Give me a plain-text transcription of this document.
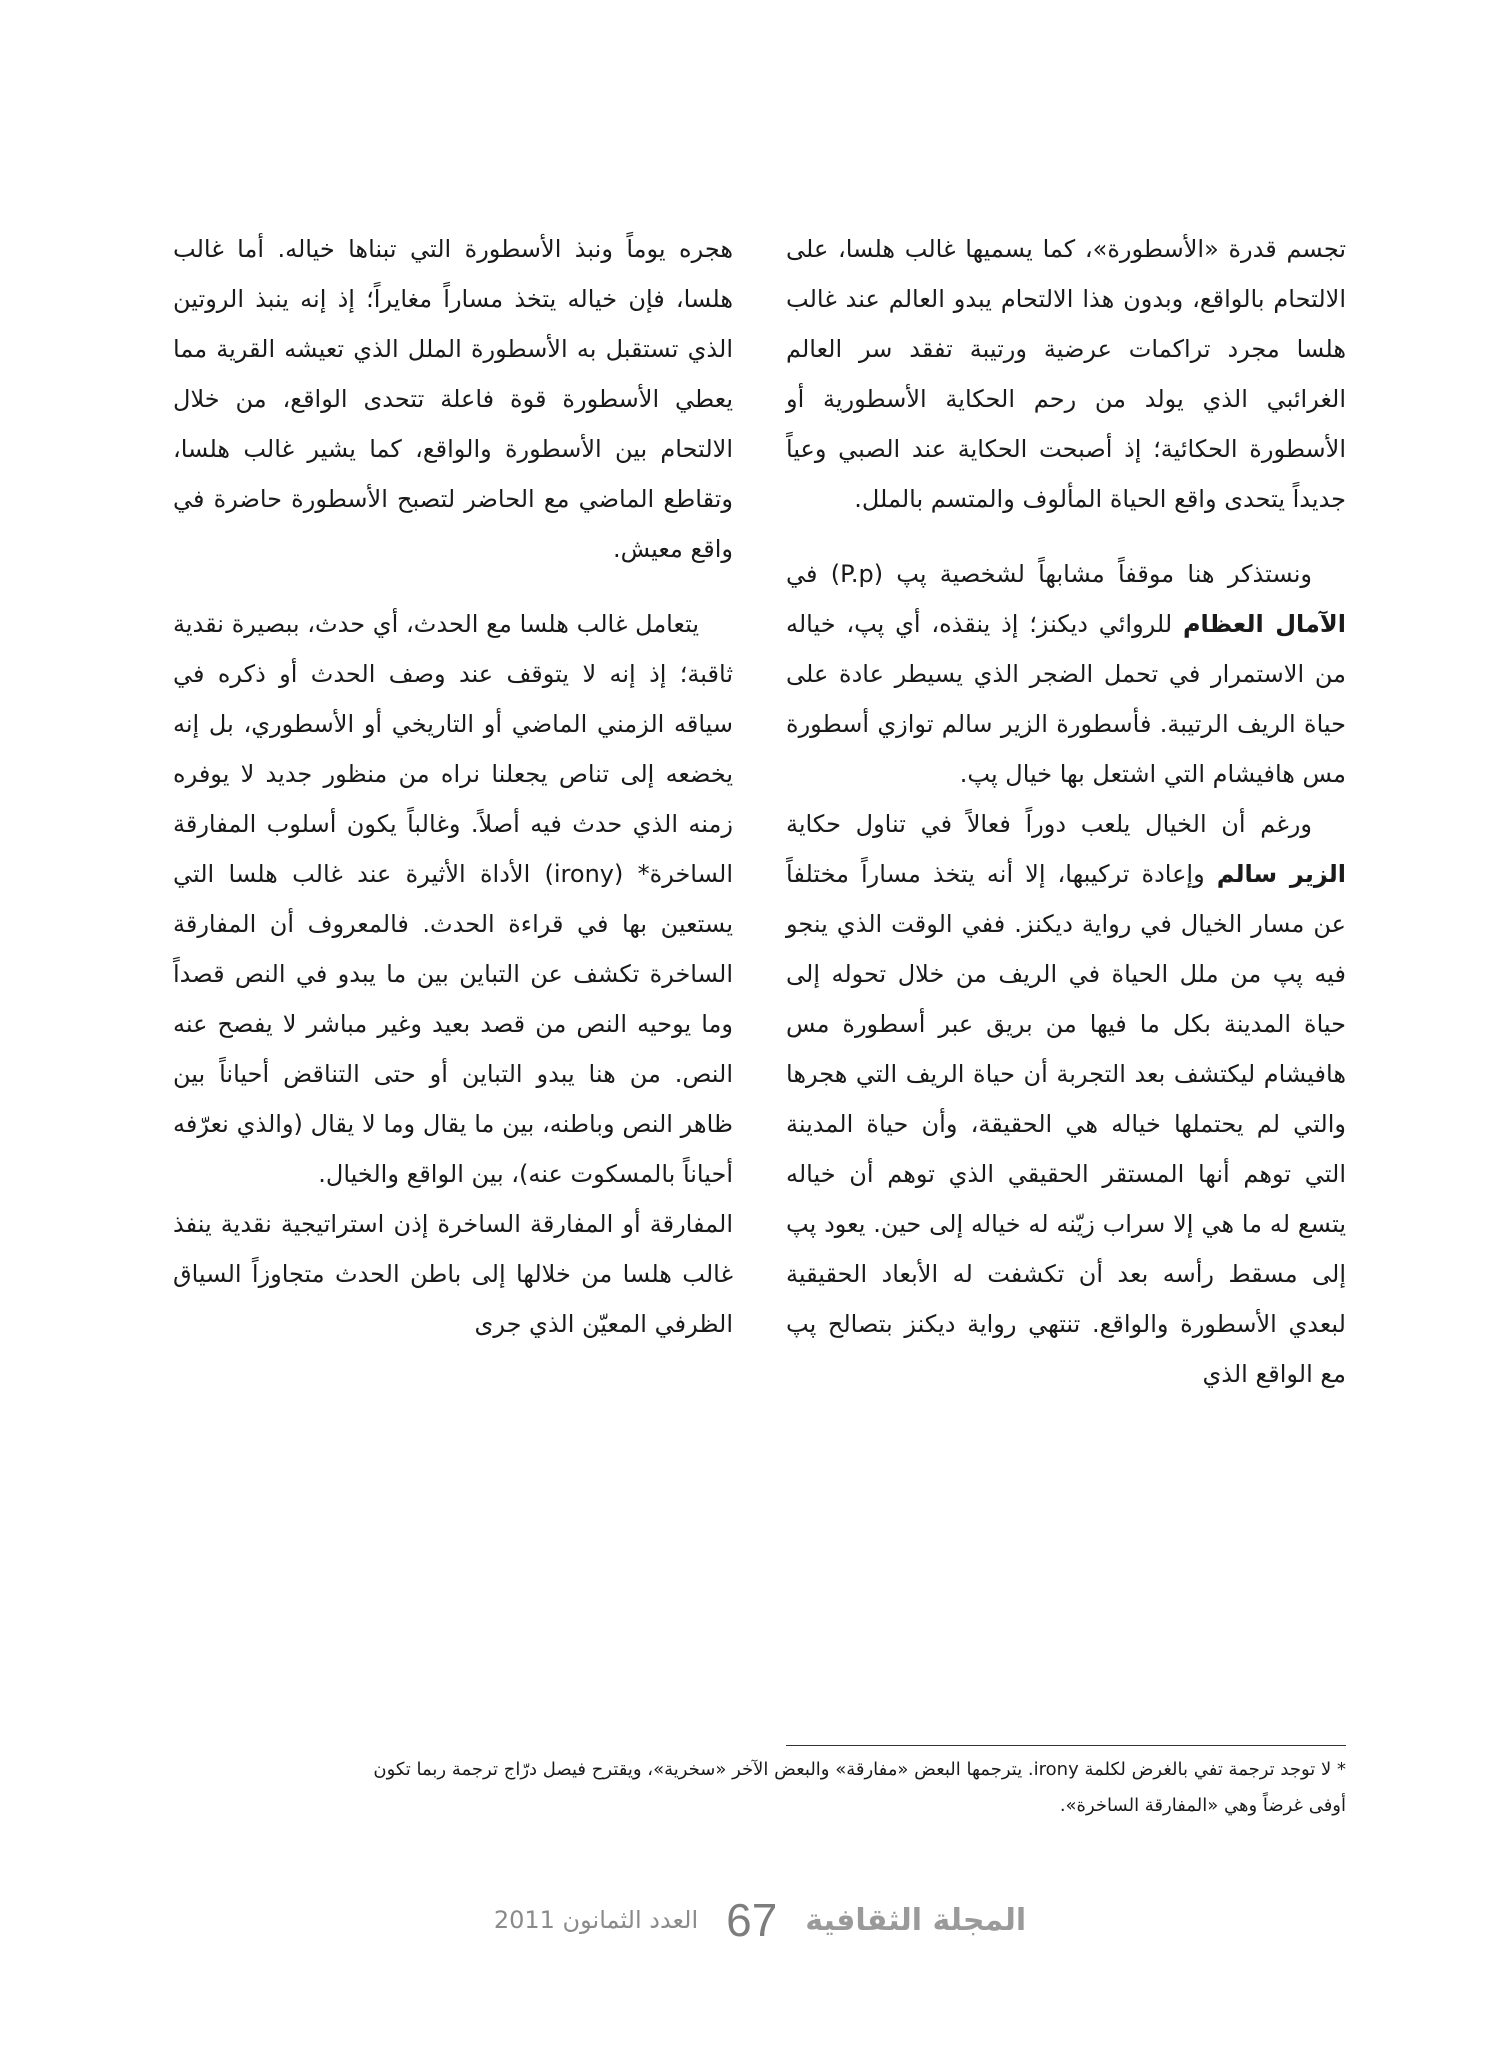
تجسم قدرة «الأسطورة»، كما يسميها غالب هلسا، على الالتحام بالواقع، وبدون هذا الالتحام يبدو العالم عند غالب هلسا مجرد تراكمات عرضية ورتيبة تفقد سر العالم الغرائبي الذي يولد من رحم الحكاية الأسطورية أو الأسطورة الحكائية؛ إذ أصبحت الحكاية عند الصبي وعياً جديداً يتحدى واقع الحياة المألوف والمتسم بالملل.

ونستذكر هنا موقفاً مشابهاً لشخصية پپ (P.p) في الآمال العظام للروائي ديكنز؛ إذ ينقذه، أي پپ، خياله من الاستمرار في تحمل الضجر الذي يسيطر عادة على حياة الريف الرتيبة. فأسطورة الزير سالم توازي أسطورة مس هافيشام التي اشتعل بها خيال پپ.

ورغم أن الخيال يلعب دوراً فعالاً في تناول حكاية الزير سالم وإعادة تركيبها، إلا أنه يتخذ مساراً مختلفاً عن مسار الخيال في رواية ديكنز. ففي الوقت الذي ينجو فيه پپ من ملل الحياة في الريف من خلال تحوله إلى حياة المدينة بكل ما فيها من بريق عبر أسطورة مس هافيشام ليكتشف بعد التجربة أن حياة الريف التي هجرها والتي لم يحتملها خياله هي الحقيقة، وأن حياة المدينة التي توهم أنها المستقر الحقيقي الذي توهم أن خياله يتسع له ما هي إلا سراب زيّنه له خياله إلى حين. يعود پپ إلى مسقط رأسه بعد أن تكشفت له الأبعاد الحقيقية لبعدي الأسطورة والواقع. تنتهي رواية ديكنز بتصالح پپ مع الواقع الذي

هجره يوماً ونبذ الأسطورة التي تبناها خياله. أما غالب هلسا، فإن خياله يتخذ مساراً مغايراً؛ إذ إنه ينبذ الروتين الذي تستقبل به الأسطورة الملل الذي تعيشه القرية مما يعطي الأسطورة قوة فاعلة تتحدى الواقع، من خلال الالتحام بين الأسطورة والواقع، كما يشير غالب هلسا، وتقاطع الماضي مع الحاضر لتصبح الأسطورة حاضرة في واقع معيش.

يتعامل غالب هلسا مع الحدث، أي حدث، ببصيرة نقدية ثاقبة؛ إذ إنه لا يتوقف عند وصف الحدث أو ذكره في سياقه الزمني الماضي أو التاريخي أو الأسطوري، بل إنه يخضعه إلى تناص يجعلنا نراه من منظور جديد لا يوفره زمنه الذي حدث فيه أصلاً. وغالباً يكون أسلوب المفارقة الساخرة* (irony) الأداة الأثيرة عند غالب هلسا التي يستعين بها في قراءة الحدث. فالمعروف أن المفارقة الساخرة تكشف عن التباين بين ما يبدو في النص قصداً وما يوحيه النص من قصد بعيد وغير مباشر لا يفصح عنه النص. من هنا يبدو التباين أو حتى التناقض أحياناً بين ظاهر النص وباطنه، بين ما يقال وما لا يقال (والذي نعرّفه أحياناً بالمسكوت عنه)، بين الواقع والخيال.

المفارقة أو المفارقة الساخرة إذن استراتيجية نقدية ينفذ غالب هلسا من خلالها إلى باطن الحدث متجاوزاً السياق الظرفي المعيّن الذي جرى

* لا توجد ترجمة تفي بالغرض لكلمة irony. يترجمها البعض «مفارقة» والبعض الآخر «سخرية»، ويقترح فيصل درّاج ترجمة ربما تكون

أوفى غرضاً وهي «المفارقة الساخرة».

المجلة الثقافية
67
العدد الثمانون 2011
